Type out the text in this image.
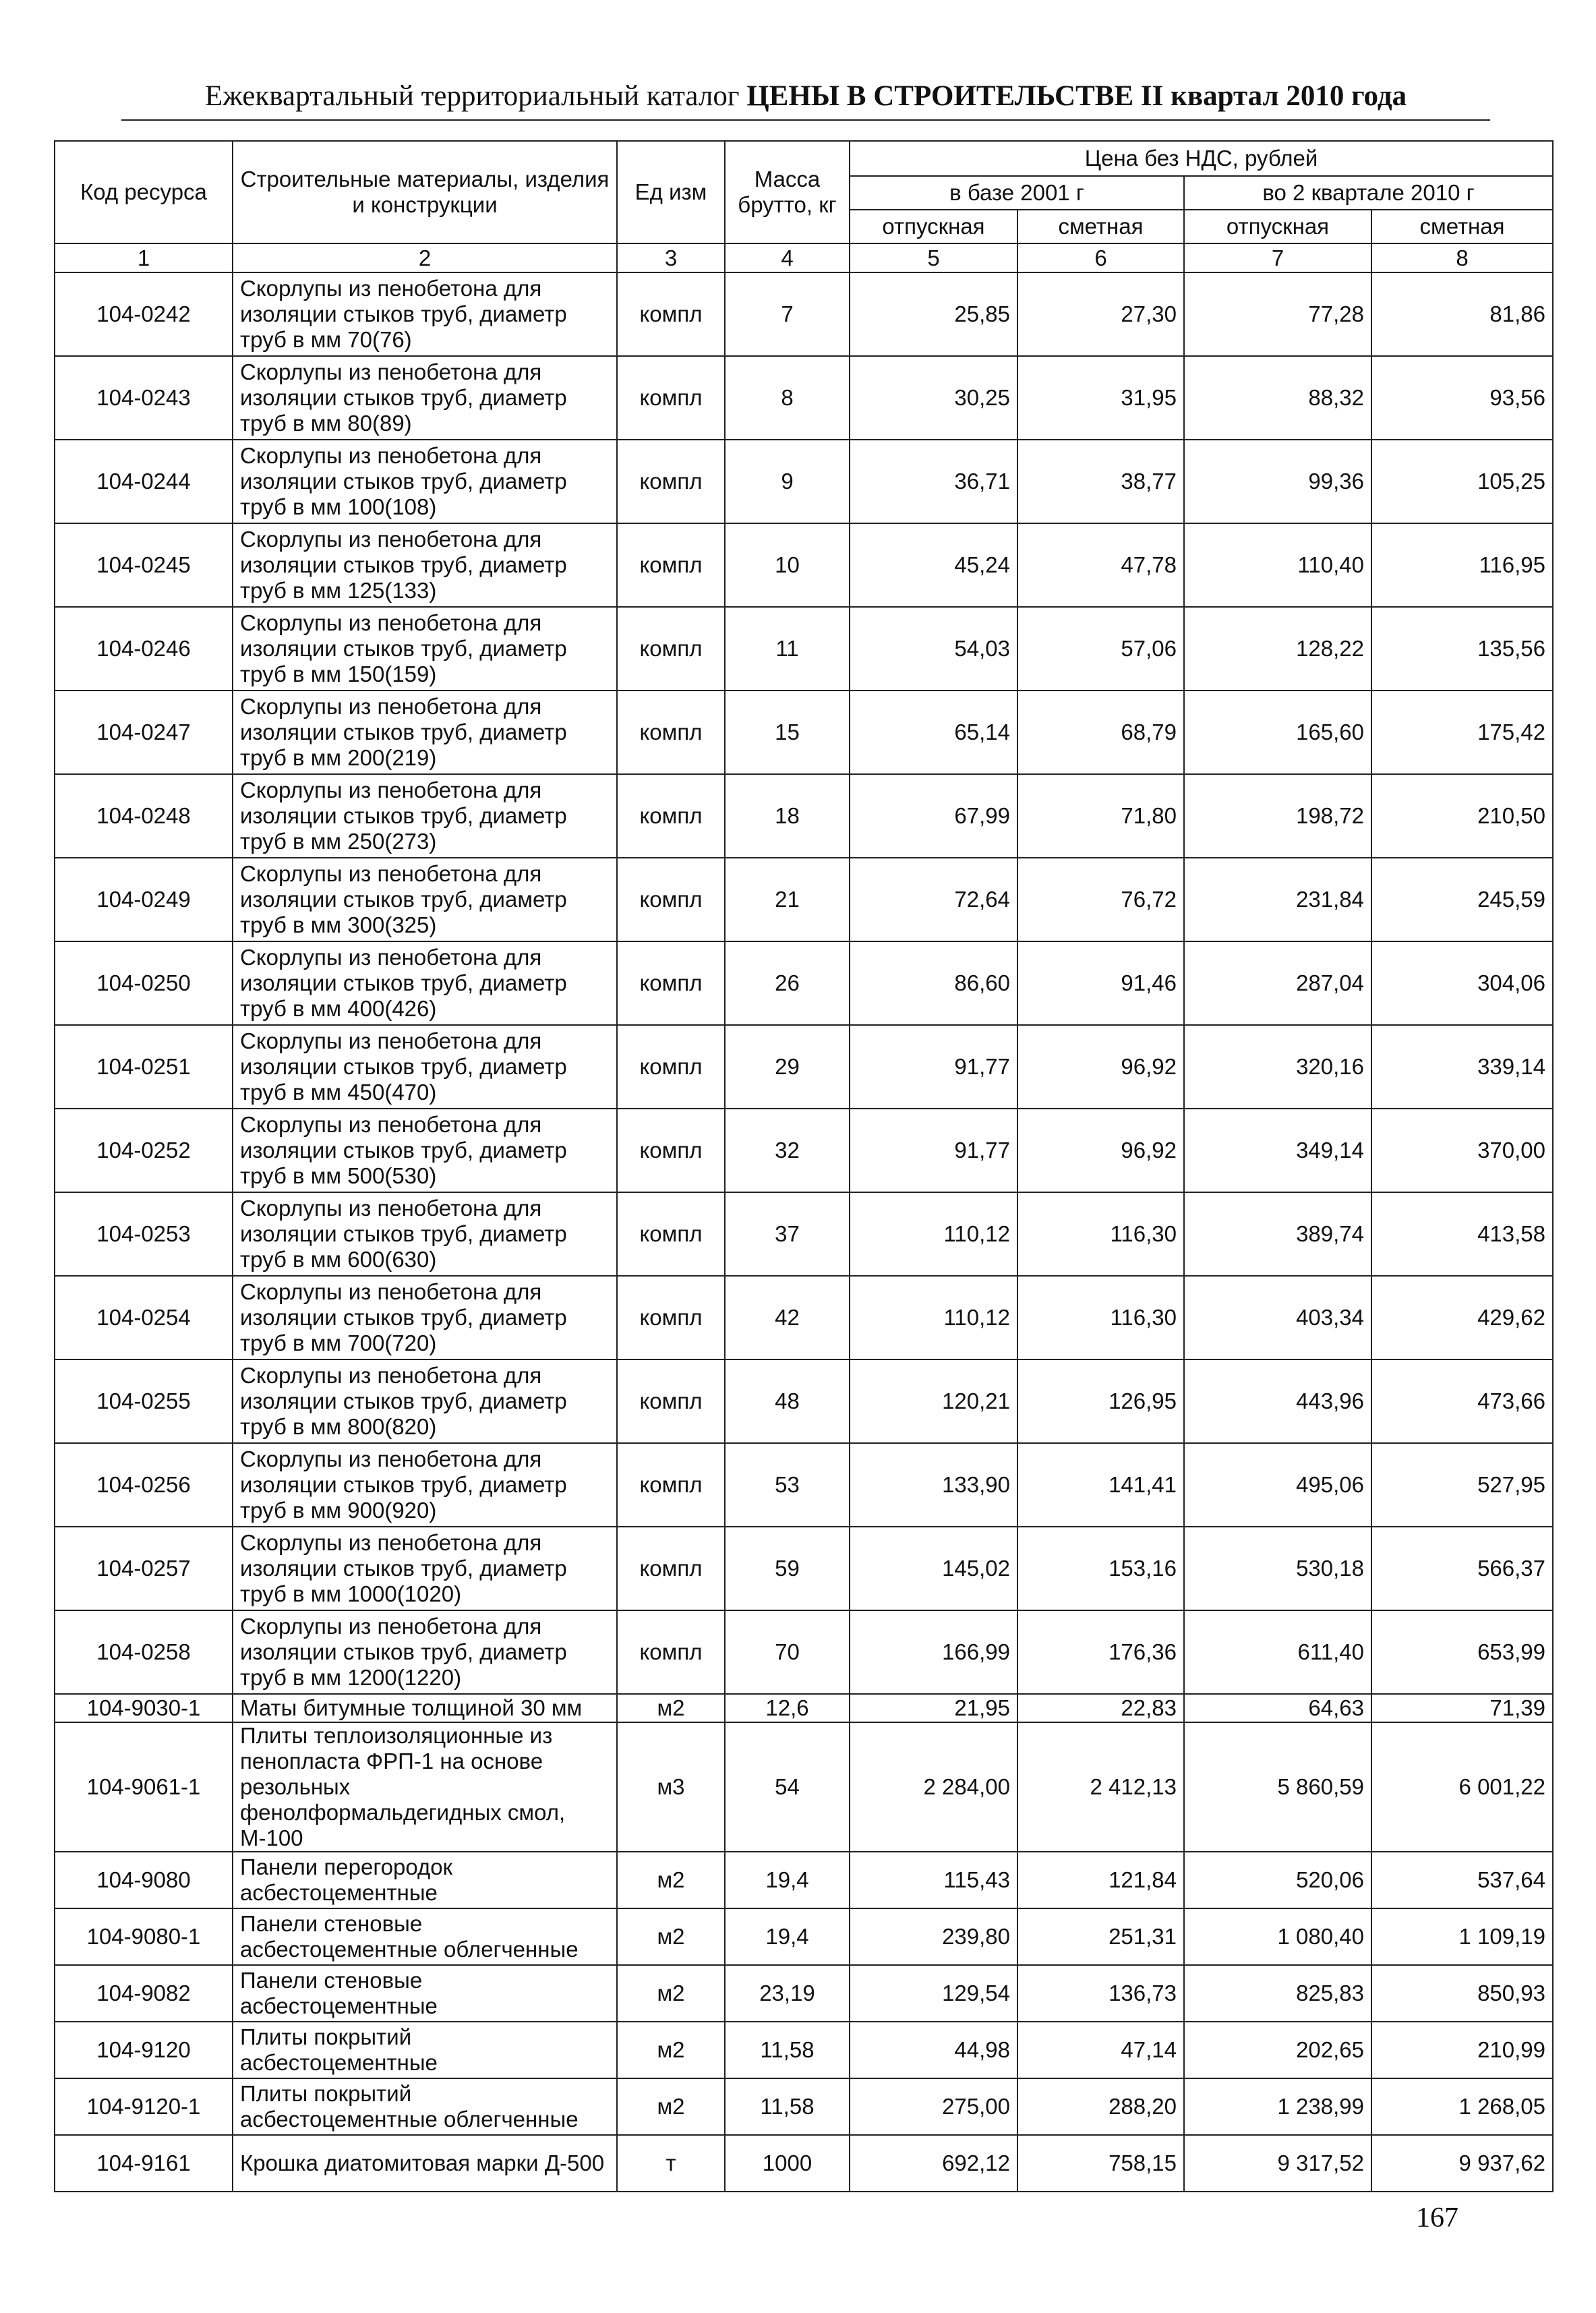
Ежеквартальный территориальный каталог ЦЕНЫ В СТРОИТЕЛЬСТВЕ II квартал 2010 года
Код ресурса	Строительные материалы, изделия и конструкции	Ед изм	Масса брутто, кг	Цена без НДС, рублей			
				в базе 2001 г		во 2 квартале 2010 г	
				отпускная	сметная	отпускная	сметная
1	2	3	4	5	6	7	8
104-0242	Скорлупы из пенобетона для изоляции стыков труб, диаметр труб в мм 70(76)	компл	7	25,85	27,30	77,28	81,86
104-0243	Скорлупы из пенобетона для изоляции стыков труб, диаметр труб в мм 80(89)	компл	8	30,25	31,95	88,32	93,56
104-0244	Скорлупы из пенобетона для изоляции стыков труб, диаметр труб в мм 100(108)	компл	9	36,71	38,77	99,36	105,25
104-0245	Скорлупы из пенобетона для изоляции стыков труб, диаметр труб в мм 125(133)	компл	10	45,24	47,78	110,40	116,95
104-0246	Скорлупы из пенобетона для изоляции стыков труб, диаметр труб в мм 150(159)	компл	11	54,03	57,06	128,22	135,56
104-0247	Скорлупы из пенобетона для изоляции стыков труб, диаметр труб в мм 200(219)	компл	15	65,14	68,79	165,60	175,42
104-0248	Скорлупы из пенобетона для изоляции стыков труб, диаметр труб в мм 250(273)	компл	18	67,99	71,80	198,72	210,50
104-0249	Скорлупы из пенобетона для изоляции стыков труб, диаметр труб в мм 300(325)	компл	21	72,64	76,72	231,84	245,59
104-0250	Скорлупы из пенобетона для изоляции стыков труб, диаметр труб в мм 400(426)	компл	26	86,60	91,46	287,04	304,06
104-0251	Скорлупы из пенобетона для изоляции стыков труб, диаметр труб в мм 450(470)	компл	29	91,77	96,92	320,16	339,14
104-0252	Скорлупы из пенобетона для изоляции стыков труб, диаметр труб в мм 500(530)	компл	32	91,77	96,92	349,14	370,00
104-0253	Скорлупы из пенобетона для изоляции стыков труб, диаметр труб в мм 600(630)	компл	37	110,12	116,30	389,74	413,58
104-0254	Скорлупы из пенобетона для изоляции стыков труб, диаметр труб в мм 700(720)	компл	42	110,12	116,30	403,34	429,62
104-0255	Скорлупы из пенобетона для изоляции стыков труб, диаметр труб в мм 800(820)	компл	48	120,21	126,95	443,96	473,66
104-0256	Скорлупы из пенобетона для изоляции стыков труб, диаметр труб в мм 900(920)	компл	53	133,90	141,41	495,06	527,95
104-0257	Скорлупы из пенобетона для изоляции стыков труб, диаметр труб в мм 1000(1020)	компл	59	145,02	153,16	530,18	566,37
104-0258	Скорлупы из пенобетона для изоляции стыков труб, диаметр труб в мм 1200(1220)	компл	70	166,99	176,36	611,40	653,99
104-9030-1	Маты битумные толщиной 30 мм	м2	12,6	21,95	22,83	64,63	71,39
104-9061-1	Плиты теплоизоляционные из пенопласта ФРП-1 на основе резольных фенолформальдегидных смол, М-100	м3	54	2 284,00	2 412,13	5 860,59	6 001,22
104-9080	Панели перегородок асбестоцементные	м2	19,4	115,43	121,84	520,06	537,64
104-9080-1	Панели стеновые асбестоцементные облегченные	м2	19,4	239,80	251,31	1 080,40	1 109,19
104-9082	Панели стеновые асбестоцементные	м2	23,19	129,54	136,73	825,83	850,93
104-9120	Плиты покрытий асбестоцементные	м2	11,58	44,98	47,14	202,65	210,99
104-9120-1	Плиты покрытий асбестоцементные облегченные	м2	11,58	275,00	288,20	1 238,99	1 268,05
104-9161	Крошка диатомитовая марки Д-500	т	1000	692,12	758,15	9 317,52	9 937,62
167
